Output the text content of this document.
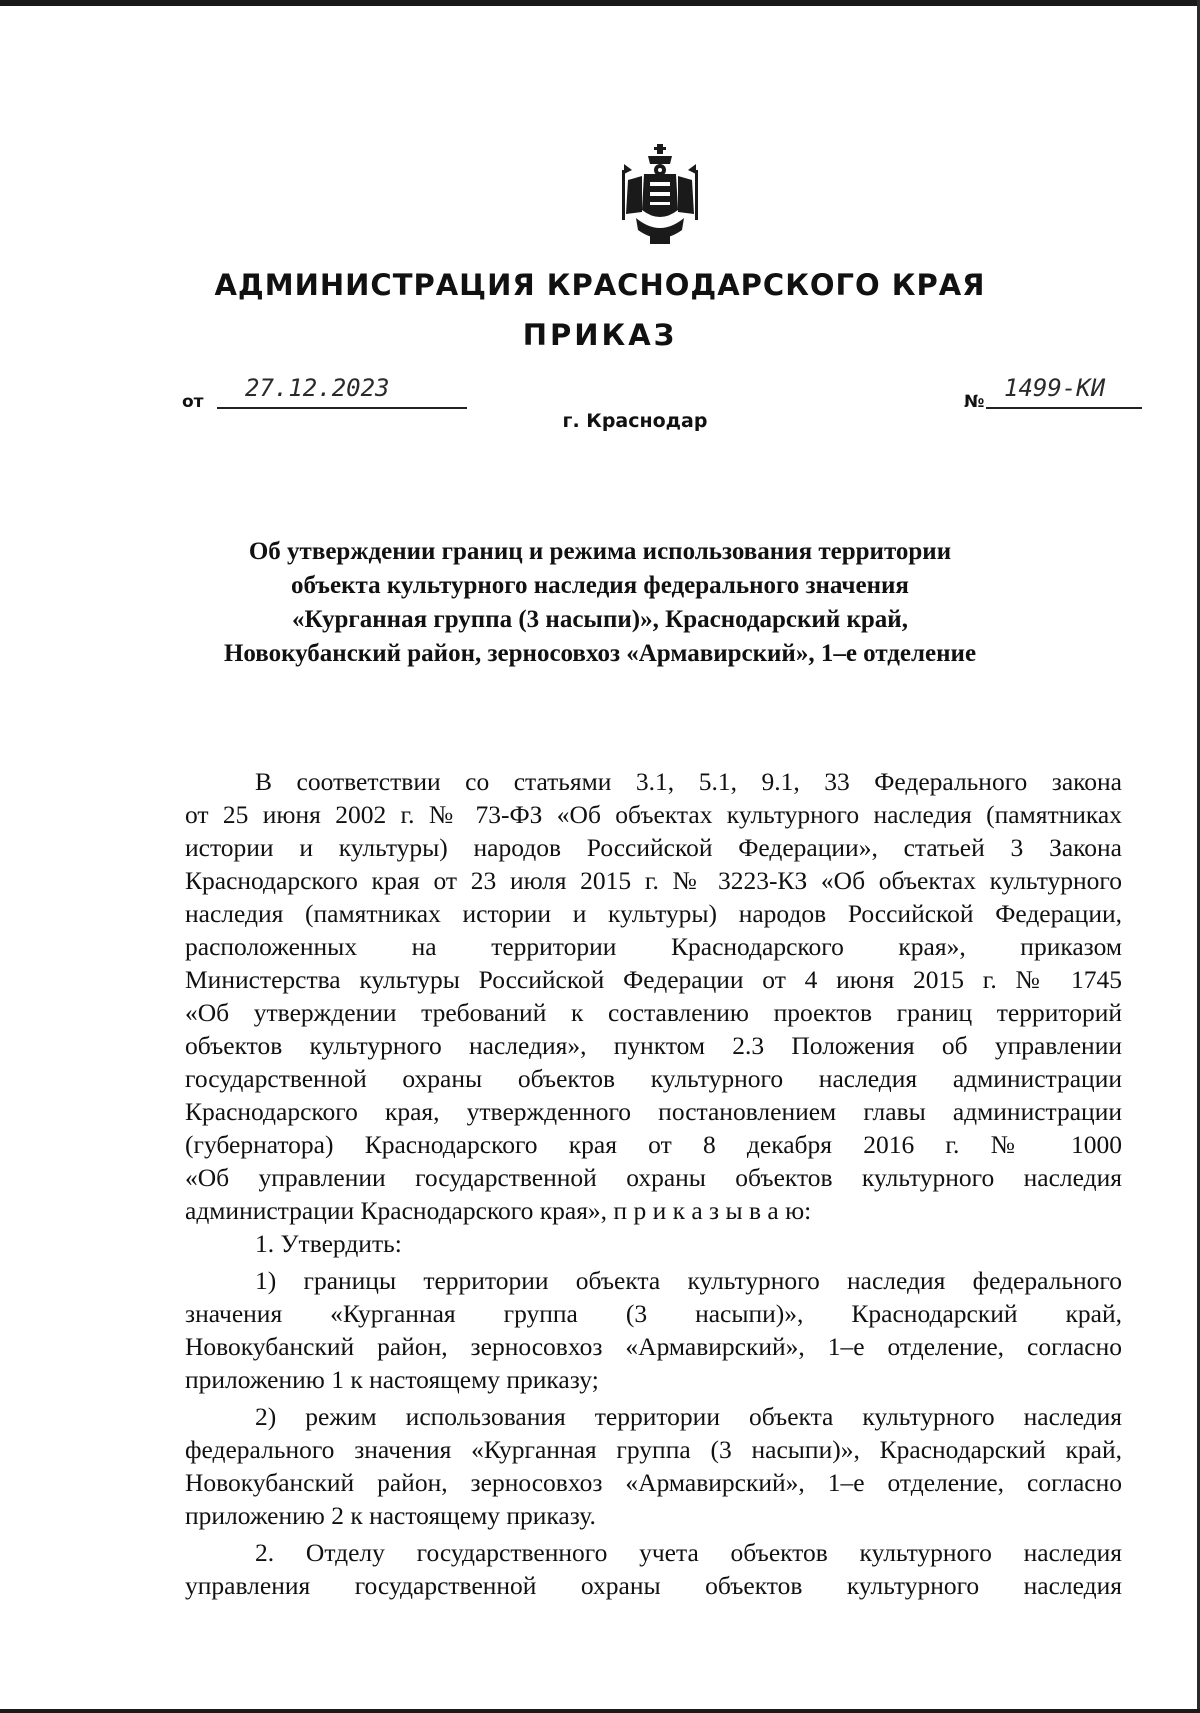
АДМИНИСТРАЦИЯ КРАСНОДАРСКОГО КРАЯ
ПРИКАЗ
от 27.12.2023
г. Краснодар
№ 1499-КИ
Об утверждении границ и режима использования территории
объекта культурного наследия федерального значения
«Курганная группа (3 насыпи)», Краснодарский край,
Новокубанский район, зерносовхоз «Армавирский», 1–е отделение
В соответствии со статьями 3.1, 5.1, 9.1, 33 Федерального закона
от 25 июня 2002 г. № 73-ФЗ «Об объектах культурного наследия (памятниках
истории и культуры) народов Российской Федерации», статьей 3 Закона
Краснодарского края от 23 июля 2015 г. № 3223-КЗ «Об объектах культурного
наследия (памятниках истории и культуры) народов Российской Федерации,
расположенных на территории Краснодарского края», приказом
Министерства культуры Российской Федерации от 4 июня 2015 г. № 1745
«Об утверждении требований к составлению проектов границ территорий
объектов культурного наследия», пунктом 2.3 Положения об управлении
государственной охраны объектов культурного наследия администрации
Краснодарского края, утвержденного постановлением главы администрации
(губернатора) Краснодарского края от 8 декабря 2016 г. № 1000
«Об управлении государственной охраны объектов культурного наследия
администрации Краснодарского края», п р и к а з ы в а ю:
1. Утвердить:
1) границы территории объекта культурного наследия федерального
значения «Курганная группа (3 насыпи)», Краснодарский край,
Новокубанский район, зерносовхоз «Армавирский», 1–е отделение, согласно
приложению 1 к настоящему приказу;
2) режим использования территории объекта культурного наследия
федерального значения «Курганная группа (3 насыпи)», Краснодарский край,
Новокубанский район, зерносовхоз «Армавирский», 1–е отделение, согласно
приложению 2 к настоящему приказу.
2. Отделу государственного учета объектов культурного наследия
управления государственной охраны объектов культурного наследия
